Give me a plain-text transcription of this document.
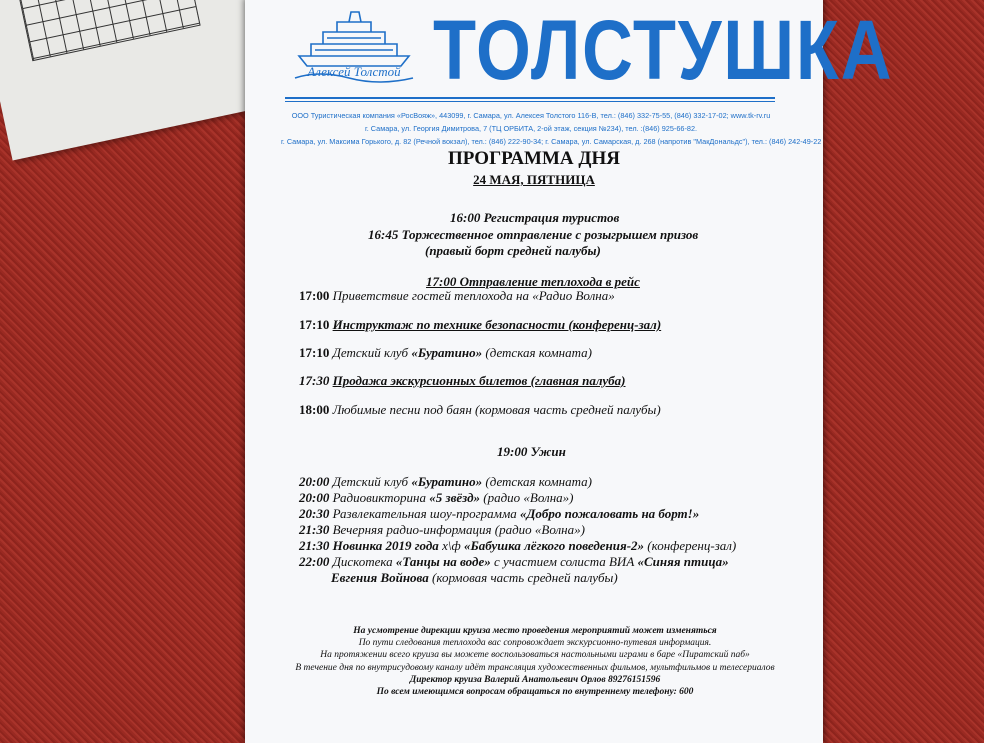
Алексей Толстой ТОЛСТУШКА
ООО Туристическая компания «РосВояж», 443099, г. Самара, ул. Алексея Толстого 116-В, тел.: (846) 332-75-55, (846) 332-17-02; www.tk-rv.ru
г. Самара, ул. Георгия Димитрова, 7 (ТЦ ОРБИТА, 2-ой этаж, секция №234), тел. :(846) 925-66-82.
г. Самара, ул. Максима Горького, д. 82 (Речной вокзал), тел.: (846) 222-90-34; г. Самара, ул. Самарская, д. 268 (напротив "МакДональдс"), тел.: (846) 242-49-22
ПРОГРАММА ДНЯ
24 МАЯ, ПЯТНИЦА
16:00 Регистрация туристов
16:45 Торжественное отправление с розыгрышем призов
(правый борт средней палубы)
17:00 Отправление теплохода в рейс
17:00 Приветствие гостей теплохода на «Радио Волна»
17:10 Инструктаж по технике безопасности (конференц-зал)
17:10 Детский клуб «Буратино» (детская комната)
17:30 Продажа экскурсионных билетов (главная палуба)
18:00 Любимые песни под баян (кормовая часть средней палубы)
19:00 Ужин
20:00 Детский клуб «Буратино» (детская комната)
20:00 Радиовикторина «5 звёзд» (радио «Волна»)
20:30 Развлекательная шоу-программа «Добро пожаловать на борт!»
21:30 Вечерняя радио-информация (радио «Волна»)
21:30 Новинка 2019 года х\ф «Бабушка лёгкого поведения-2» (конференц-зал)
22:00 Дискотека «Танцы на воде» с участием солиста ВИА «Синяя птица»
Евгения Войнова (кормовая часть средней палубы)
На усмотрение дирекции круиза место проведения мероприятий может изменяться
По пути следования теплохода вас сопровождает экскурсионно-путевая информация.
На протяжении всего круиза вы можете воспользоваться настольными играми в баре «Пиратский паб»
В течение дня по внутрисудовому каналу идёт трансляция художественных фильмов, мультфильмов и телесериалов
Директор круиза Валерий Анатольевич Орлов 89276151596
По всем имеющимся вопросам обращаться по внутреннему телефону: 600
